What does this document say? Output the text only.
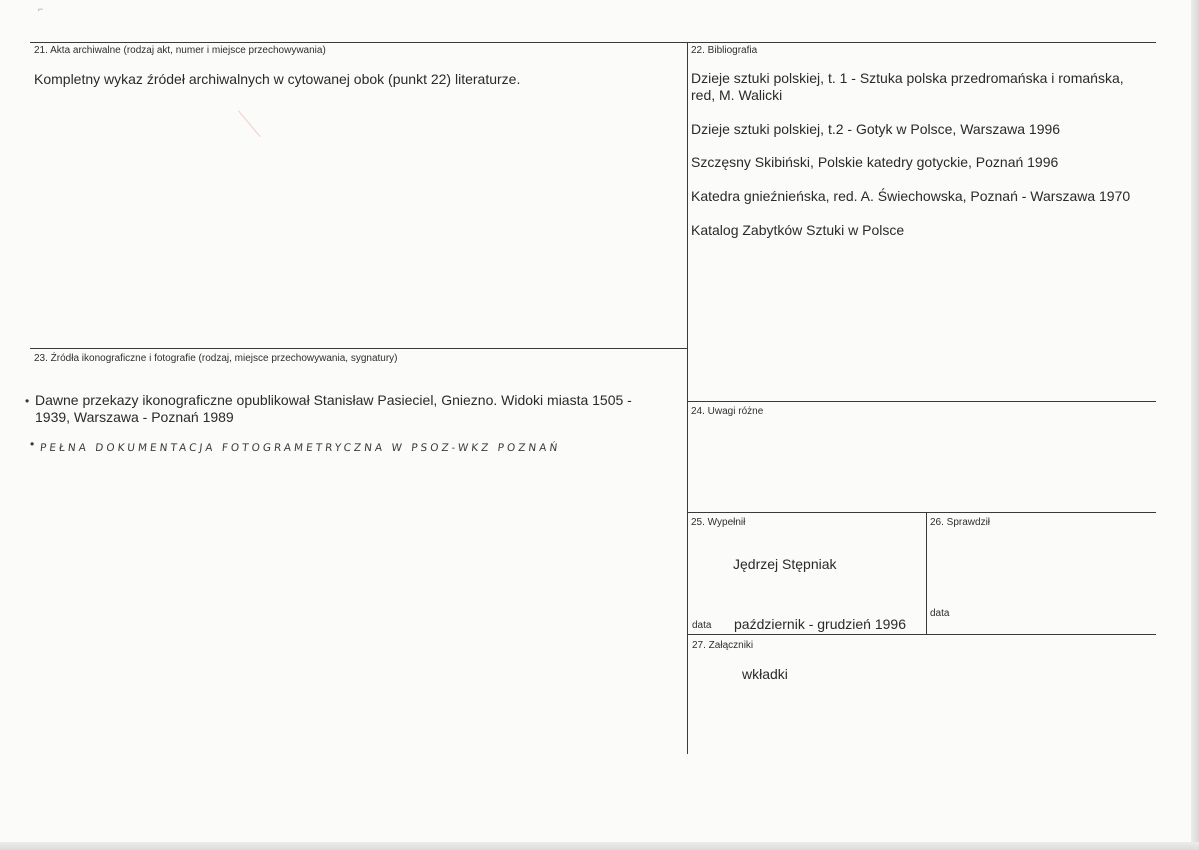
⌐
21. Akta archiwalne (rodzaj akt, numer i miejsce przechowywania)
Kompletny wykaz źródeł archiwalnych w cytowanej obok (punkt 22) literaturze.
22. Bibliografia
Dzieje sztuki polskiej, t. 1 - Sztuka polska przedromańska i romańska, red, M. Walicki
Dzieje sztuki polskiej, t.2 - Gotyk w Polsce, Warszawa 1996
Szczęsny Skibiński, Polskie katedry gotyckie, Poznań 1996
Katedra gnieźnieńska, red. A. Świechowska, Poznań - Warszawa 1970
Katalog Zabytków Sztuki w Polsce
23. Źródła ikonograficzne i fotografie (rodzaj, miejsce przechowywania, sygnatury)
• Dawne przekazy ikonograficzne opublikował Stanisław Pasieciel, Gniezno. Widoki miasta 1505 - 1939, Warszawa - Poznań 1989
• PEŁNA DOKUMENTACJA FOTOGRAMETRYCZNA W PSOZ-WKZ POZNAŃ
24. Uwagi różne
25. Wypełnił
Jędrzej Stępniak
data październik - grudzień 1996
26. Sprawdził
data
27. Załączniki
wkładki
